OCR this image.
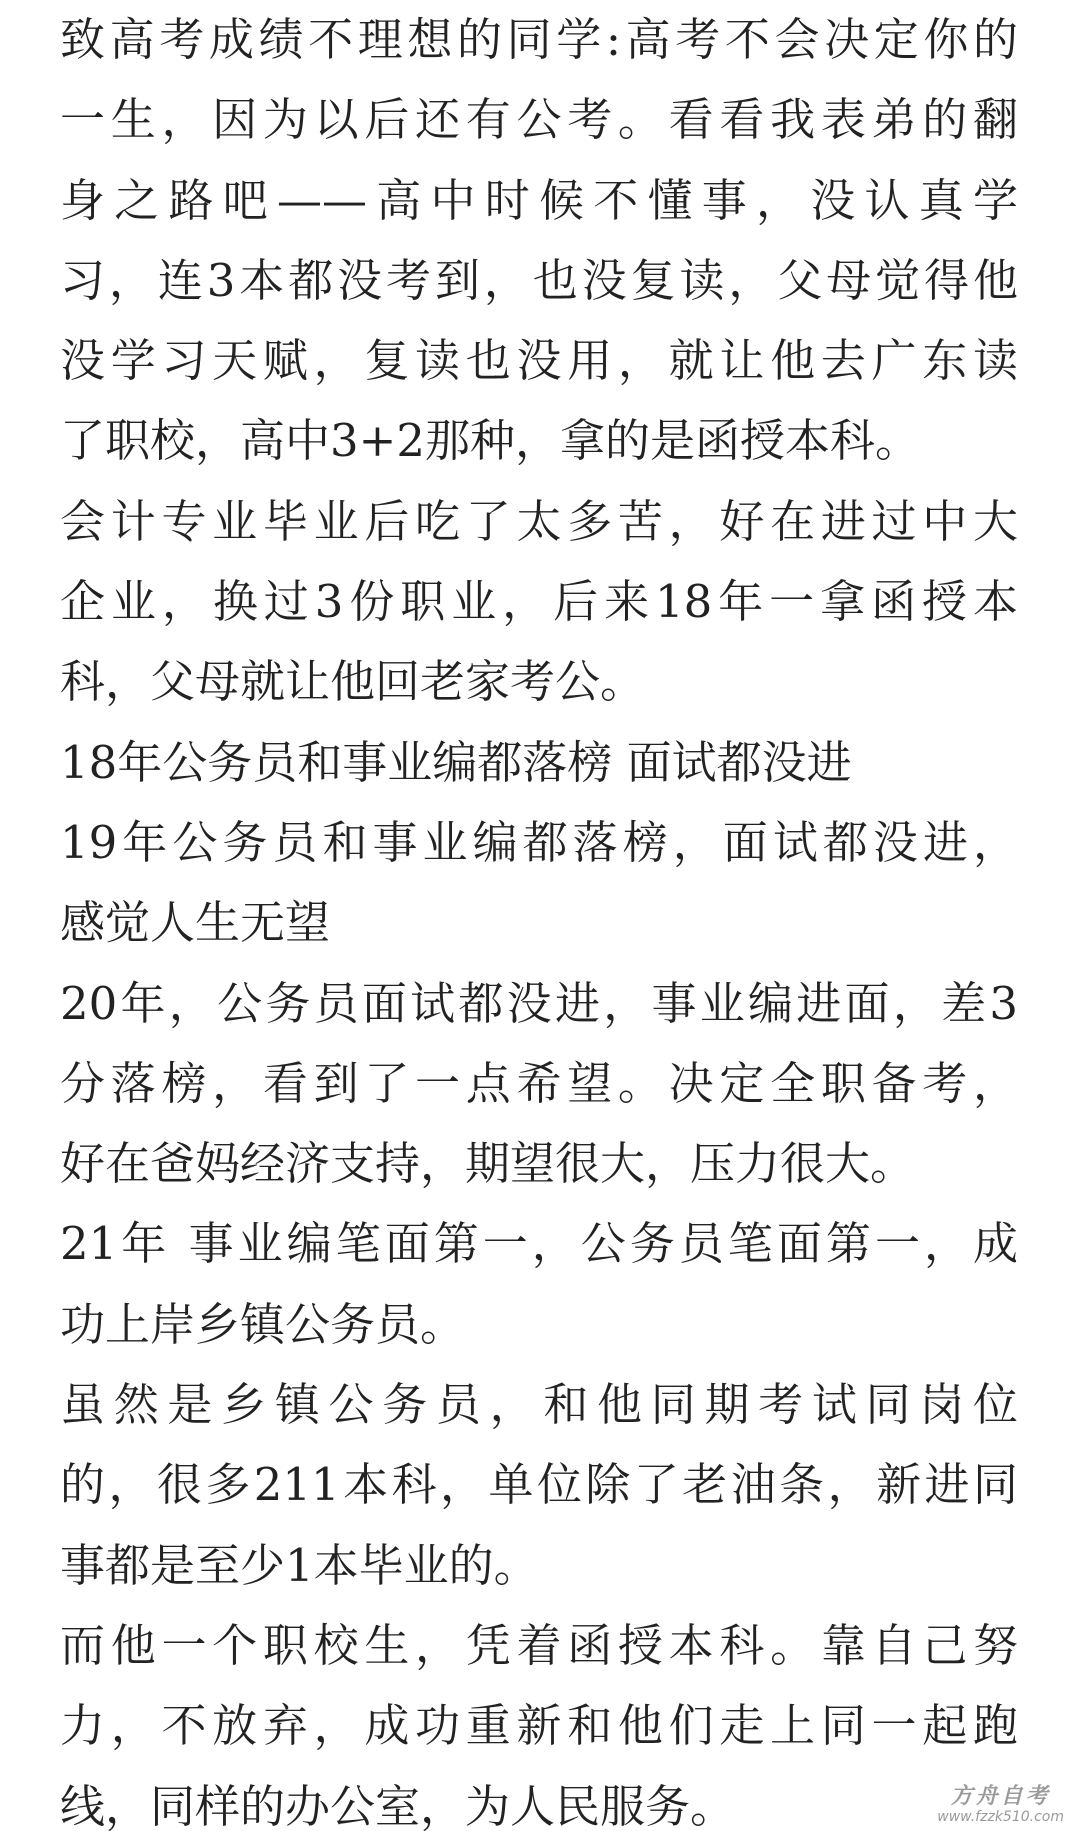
致高考成绩不理想的同学:高考不会决定你的
一生，因为以后还有公考。看看我表弟的翻
身之路吧——高中时候不懂事，没认真学
习，连3本都没考到，也没复读，父母觉得他
没学习天赋，复读也没用，就让他去广东读
了职校，高中3+2那种，拿的是函授本科。
会计专业毕业后吃了太多苦，好在进过中大
企业，换过3份职业，后来18年一拿函授本
科，父母就让他回老家考公。
18年公务员和事业编都落榜 面试都没进
19年公务员和事业编都落榜，面试都没进，
感觉人生无望
20年，公务员面试都没进，事业编进面，差3
分落榜，看到了一点希望。决定全职备考，
好在爸妈经济支持，期望很大，压力很大。
21年 事业编笔面第一，公务员笔面第一，成
功上岸乡镇公务员。
虽然是乡镇公务员，和他同期考试同岗位
的，很多211本科，单位除了老油条，新进同
事都是至少1本毕业的。
而他一个职校生，凭着函授本科。靠自己努
力，不放弃，成功重新和他们走上同一起跑
线，同样的办公室，为人民服务。	方舟自考
www.fzzk510.com
